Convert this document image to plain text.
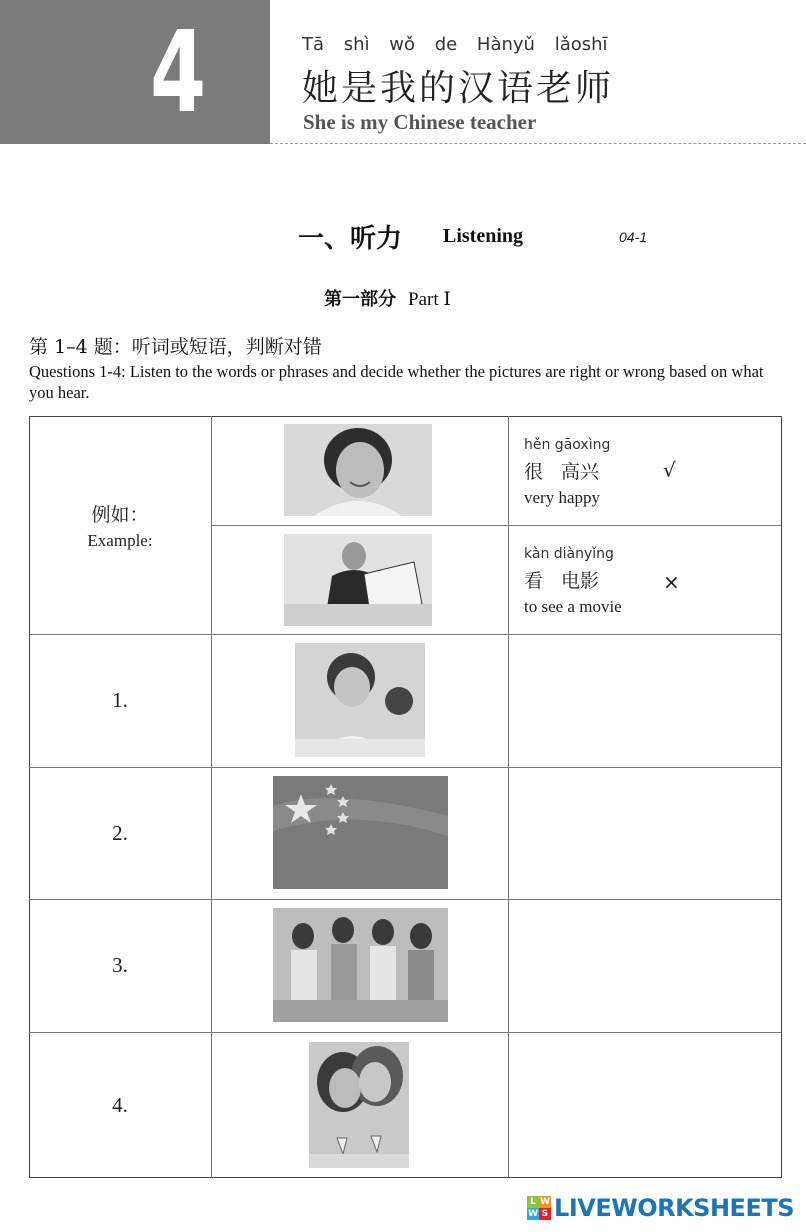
4	Tā shì wǒ de Hànyǔ lǎoshī
她是我的汉语老师
She is my Chinese teacher
一、听力 Listening	04-1
第一部分 Part Ⅰ
第 1–4 题：听词或短语，判断对错
Questions 1-4: Listen to the words or phrases and decide whether the pictures are right or wrong based on what you hear.
例如：
Example:
hěn gāoxìng
很 高兴
very happy
√
kàn diànyǐng
看 电影
to see a movie
×
1.
2.
3.
4.
L W
W S LIVEWORKSHEETS
